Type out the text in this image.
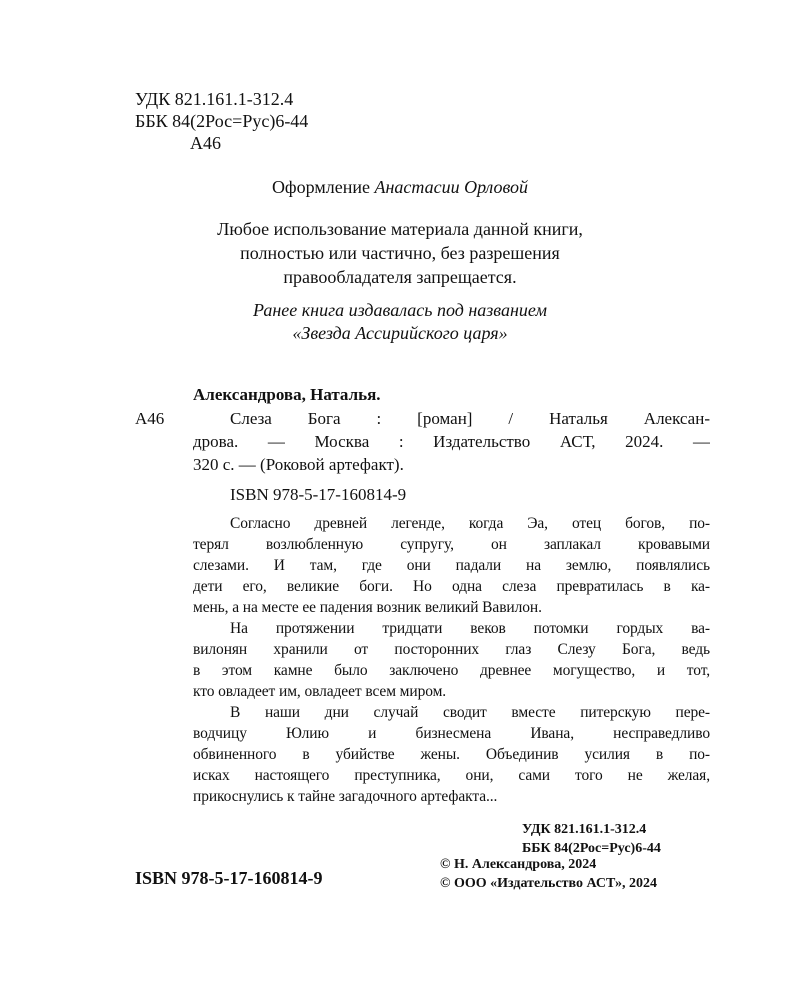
УДК 821.161.1-312.4
ББК 84(2Рос=Рус)6-44
А46
Оформление Анастасии Орловой
Любое использование материала данной книги,
полностью или частично, без разрешения
правообладателя запрещается.
Ранее книга издавалась под названием
«Звезда Ассирийского царя»
Александрова, Наталья.
А46	Слеза Бога : [роман] / Наталья Алексан-
дрова. — Москва : Издательство АСТ, 2024. —
320 с. — (Роковой артефакт).
ISBN 978-5-17-160814-9
Согласно древней легенде, когда Эа, отец богов, по-
терял возлюбленную супругу, он заплакал кровавыми
слезами. И там, где они падали на землю, появлялись
дети его, великие боги. Но одна слеза превратилась в ка-
мень, а на месте ее падения возник великий Вавилон.
На протяжении тридцати веков потомки гордых ва-
вилонян хранили от посторонних глаз Слезу Бога, ведь
в этом камне было заключено древнее могущество, и тот,
кто овладеет им, овладеет всем миром.
В наши дни случай сводит вместе питерскую пере-
водчицу Юлию и бизнесмена Ивана, несправедливо
обвиненного в убийстве жены. Объединив усилия в по-
исках настоящего преступника, они, сами того не желая,
прикоснулись к тайне загадочного артефакта...
УДК 821.161.1-312.4
ББК 84(2Рос=Рус)6-44
ISBN 978-5-17-160814-9
© Н. Александрова, 2024
© ООО «Издательство АСТ», 2024
